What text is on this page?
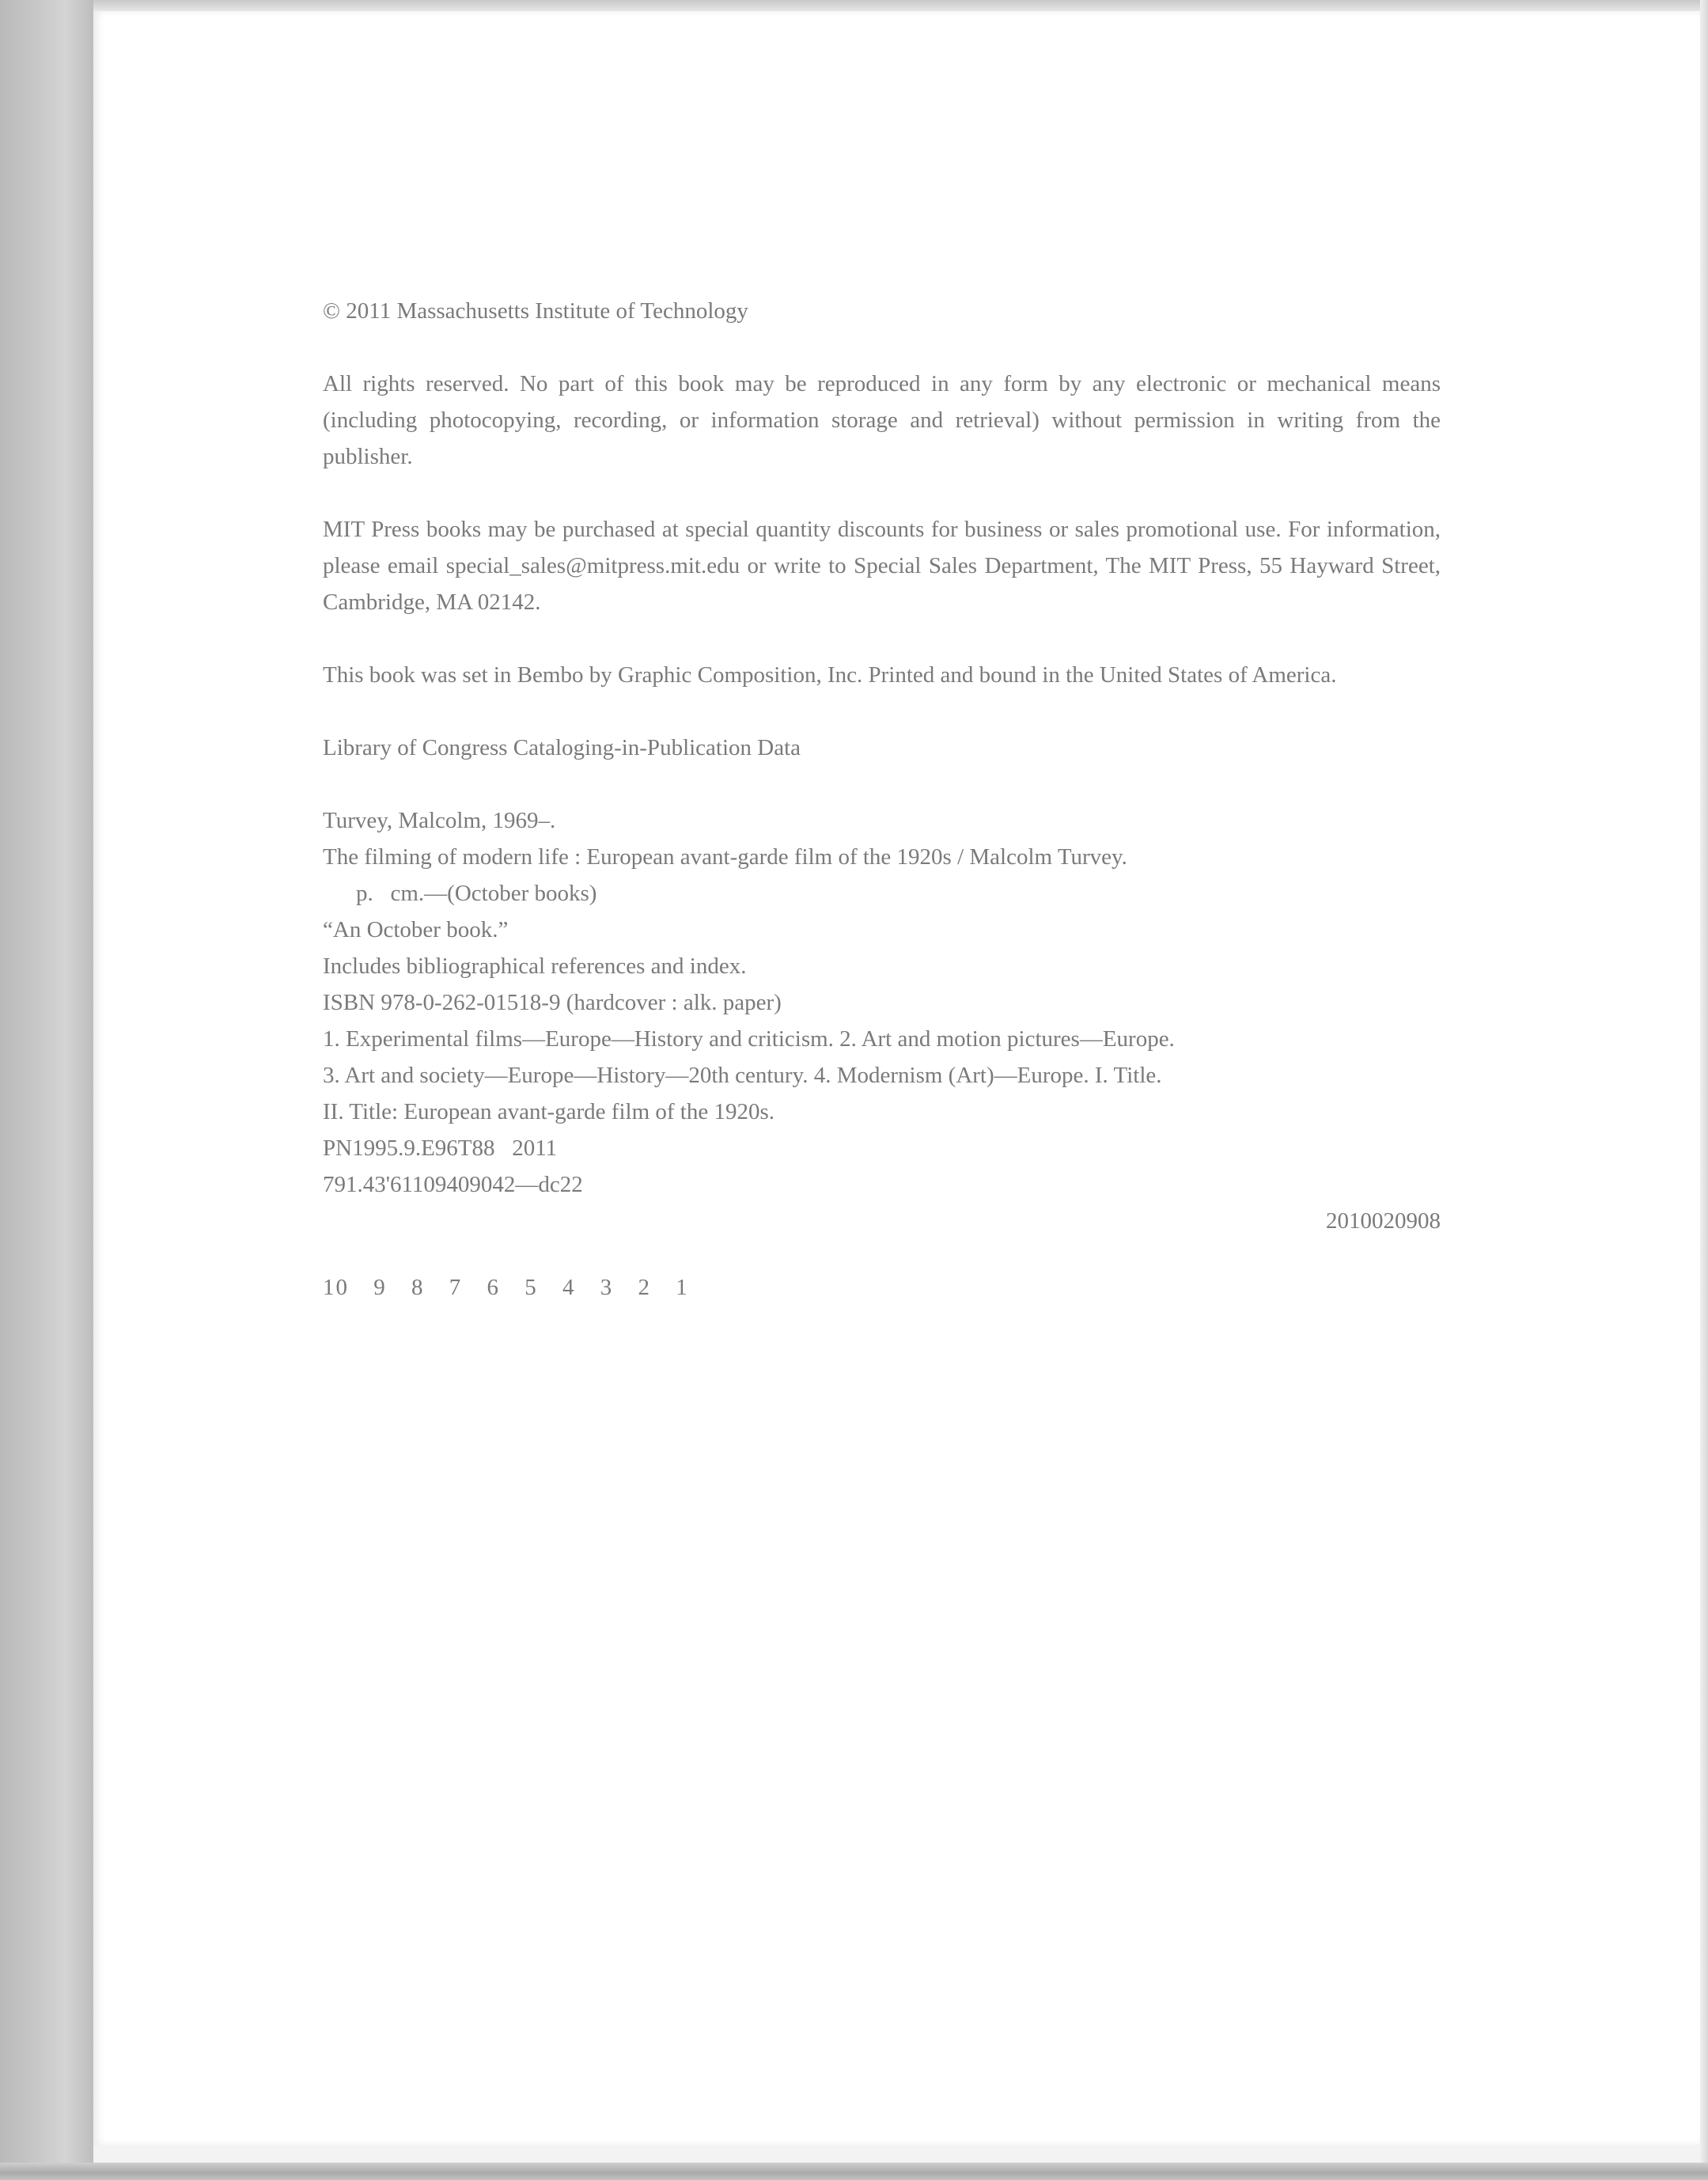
© 2011 Massachusetts Institute of Technology

All rights reserved. No part of this book may be reproduced in any form by any electronic or mechanical means (including photocopying, recording, or information storage and retrieval) without permission in writing from the publisher.

MIT Press books may be purchased at special quantity discounts for business or sales promotional use. For information, please email special_sales@mitpress.mit.edu or write to Special Sales Department, The MIT Press, 55 Hayward Street, Cambridge, MA 02142.

This book was set in Bembo by Graphic Composition, Inc. Printed and bound in the United States of America.

Library of Congress Cataloging-in-Publication Data

Turvey, Malcolm, 1969–.
The filming of modern life : European avant-garde film of the 1920s / Malcolm Turvey.
p.   cm.—(October books)
“An October book.”
Includes bibliographical references and index.
ISBN 978-0-262-01518-9 (hardcover : alk. paper)
1. Experimental films—Europe—History and criticism. 2. Art and motion pictures—Europe.
3. Art and society—Europe—History—20th century. 4. Modernism (Art)—Europe. I. Title.
II. Title: European avant-garde film of the 1920s.
PN1995.9.E96T88   2011
791.43'61109409042—dc22
2010020908
10 9 8 7 6 5 4 3 2 1
